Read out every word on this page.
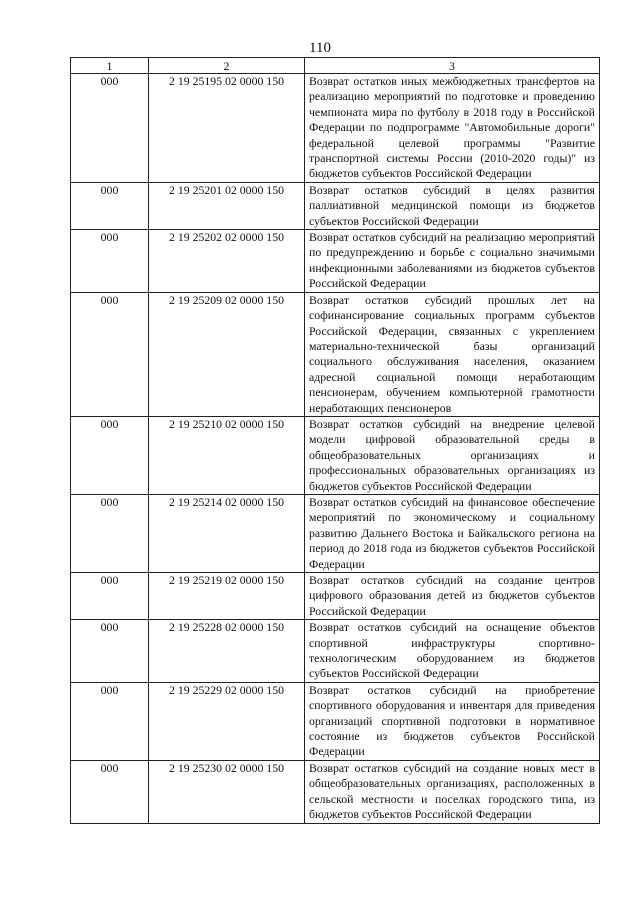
110
1	2	3
000	2 19 25195 02 0000 150	Возврат остатков иных межбюджетных трансфертов на реализацию мероприятий по подготовке и проведению чемпионата мира по футболу в 2018 году в Российской Федерации по подпрограмме "Автомобильные дороги" федеральной целевой программы "Развитие транспортной системы России (2010-2020 годы)" из бюджетов субъектов Российской Федерации
000	2 19 25201 02 0000 150	Возврат остатков субсидий в целях развития паллиативной медицинской помощи из бюджетов субъектов Российской Федерации
000	2 19 25202 02 0000 150	Возврат остатков субсидий на реализацию мероприятий по предупреждению и борьбе с социально значимыми инфекционными заболеваниями из бюджетов субъектов Российской Федерации
000	2 19 25209 02 0000 150	Возврат остатков субсидий прошлых лет на софинансирование социальных программ субъектов Российской Федерации, связанных с укреплением материально-технической базы организаций социального обслуживания населения, оказанием адресной социальной помощи неработающим пенсионерам, обучением компьютерной грамотности неработающих пенсионеров
000	2 19 25210 02 0000 150	Возврат остатков субсидий на внедрение целевой модели цифровой образовательной среды в общеобразовательных организациях и профессиональных образовательных организациях из бюджетов субъектов Российской Федерации
000	2 19 25214 02 0000 150	Возврат остатков субсидий на финансовое обеспечение мероприятий по экономическому и социальному развитию Дальнего Востока и Байкальского региона на период до 2018 года из бюджетов субъектов Российской Федерации
000	2 19 25219 02 0000 150	Возврат остатков субсидий на создание центров цифрового образования детей из бюджетов субъектов Российской Федерации
000	2 19 25228 02 0000 150	Возврат остатков субсидий на оснащение объектов спортивной инфраструктуры спортивно-технологическим оборудованием из бюджетов субъектов Российской Федерации
000	2 19 25229 02 0000 150	Возврат остатков субсидий на приобретение спортивного оборудования и инвентаря для приведения организаций спортивной подготовки в нормативное состояние из бюджетов субъектов Российской Федерации
000	2 19 25230 02 0000 150	Возврат остатков субсидий на создание новых мест в общеобразовательных организациях, расположенных в сельской местности и поселках городского типа, из бюджетов субъектов Российской Федерации
